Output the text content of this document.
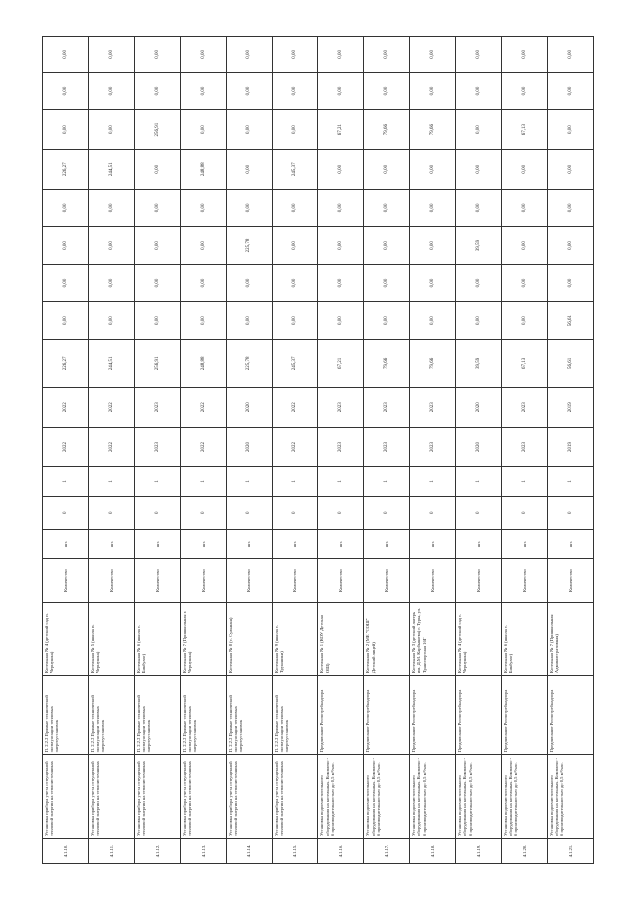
4.1.10.	Установка прибора учета отпущенной тепловой энергии на теплоисточниках	П. 2.2.2 Прямые технической эксплуатации тепловых энергоустановок	Котельная № 4 (детский сад п. Чернушка)	Количество	шт.	0	1	2022	2022	226,27	0,00	0,00	0,00	0,00	226,27	0,00	0,00	0,00
4.1.11.	Установка прибора учета отпущенной тепловой энергии на теплоисточниках	П. 2.2.2 Прямые технической эксплуатации тепловых энергоустановок	Котельная № 5 (школа п. Чернушка)	Количество	шт.	0	1	2022	2022	244,51	0,00	0,00	0,00	0,00	244,51	0,00	0,00	0,00
4.1.12.	Установка прибора учета отпущенной тепловой энергии на теплоисточниках	П. 2.2.2 Прямые технической эксплуатации тепловых энергоустановок	Котельная № 6 (школа с. Бикбулат)	Количество	шт.	0	1	2023	2023	256,91	0,00	0,00	0,00	0,00	0,00	256,91	0,00	0,00
4.1.13.	Установка прибора учета отпущенной тепловой энергии на теплоисточниках	П. 2.2.2 Прямые технической эксплуатации тепловых энергоустановок	Котельная № 7 (Пришкольная г. Чернушка)	Количество	шт.	0	1	2022	2022	248,88	0,00	0,00	0,00	0,00	248,88	0,00	0,00	0,00
4.1.14.	Установка прибора учета отпущенной тепловой энергии на теплоисточниках	П. 2.2.2 Прямые технической эксплуатации тепловых энергоустановок	Котельная № 8 (с. Сульмаш)	Количество	шт.	0	1	2020	2020	225,78	0,00	0,00	225,78	0,00	0,00	0,00	0,00	0,00
4.1.15.	Установка прибора учета отпущенной тепловой энергии на теплоисточниках	П. 2.2.2 Прямые технической эксплуатации тепловых энергоустановок	Котельная № 9 (школа с. Трушники)	Количество	шт.	0	1	2022	2022	245,37	0,00	0,00	0,00	0,00	245,37	0,00	0,00	0,00
4.1.16.	Установка водоочистительного оборудования на котельных. Комплекс - 6 производительностью до 0,5 м³/час.	Предписание Роспотребнадзора	Котельная № 1 (КОУ Детская ОШ)	Количество	шт.	0	1	2023	2023	67,21	0,00	0,00	0,00	0,00	0,00	67,21	0,00	0,00
4.1.17.	Установка водоочистительного оборудования на котельных. Комплекс - 6 производительностью до 0,5 м³/час.	Предписание Роспотребнадзора	Котельная № 2 (МЕ "СОШ" Детский лицей)	Количество	шт.	0	1	2023	2023	79,66	0,00	0,00	0,00	0,00	0,00	79,66	0,00	0,00
4.1.18.	Установка водоочистительного оборудования на котельных. Комплекс - 6 производительностью до 0,5 м³/час.	Предписание Роспотребнадзора	Котельная № 3 (детский лагерь им. Д.М. Карбышева) г. Туры, ул. Транспортная 16Г	Количество	шт.	0	1	2023	2023	79,66	0,00	0,00	0,00	0,00	0,00	79,66	0,00	0,00
4.1.19.	Установка водоочистительного оборудования на котельных. Комплекс - 6 производительностью до 0,5 м³/час.	Предписание Роспотребнадзора	Котельная № 4 (детский сад с. Чернушка)	Количество	шт.	0	1	2020	2020	39,59	0,00	0,00	39,59	0,00	0,00	0,00	0,00	0,00
4.1.20.	Установка водоочистительного оборудования на котельных. Комплекс - 6 производительностью до 0,5 м³/час.	Предписание Роспотребнадзора	Котельная № 6 (школа с. Бикбулат)	Количество	шт.	0	1	2023	2023	67,13	0,00	0,00	0,00	0,00	0,00	67,13	0,00	0,00
4.1.21.	Установка водоочистительного оборудования на котельных. Комплекс - 6 производительностью до 0,5 м³/час.	Предписание Роспотребнадзора	Котельная № 7 (Пришкольная Административная)	Количество	шт.	0	1	2019	2019	56,61	56,61	0,00	0,00	0,00	0,00	0,00	0,00	0,00
